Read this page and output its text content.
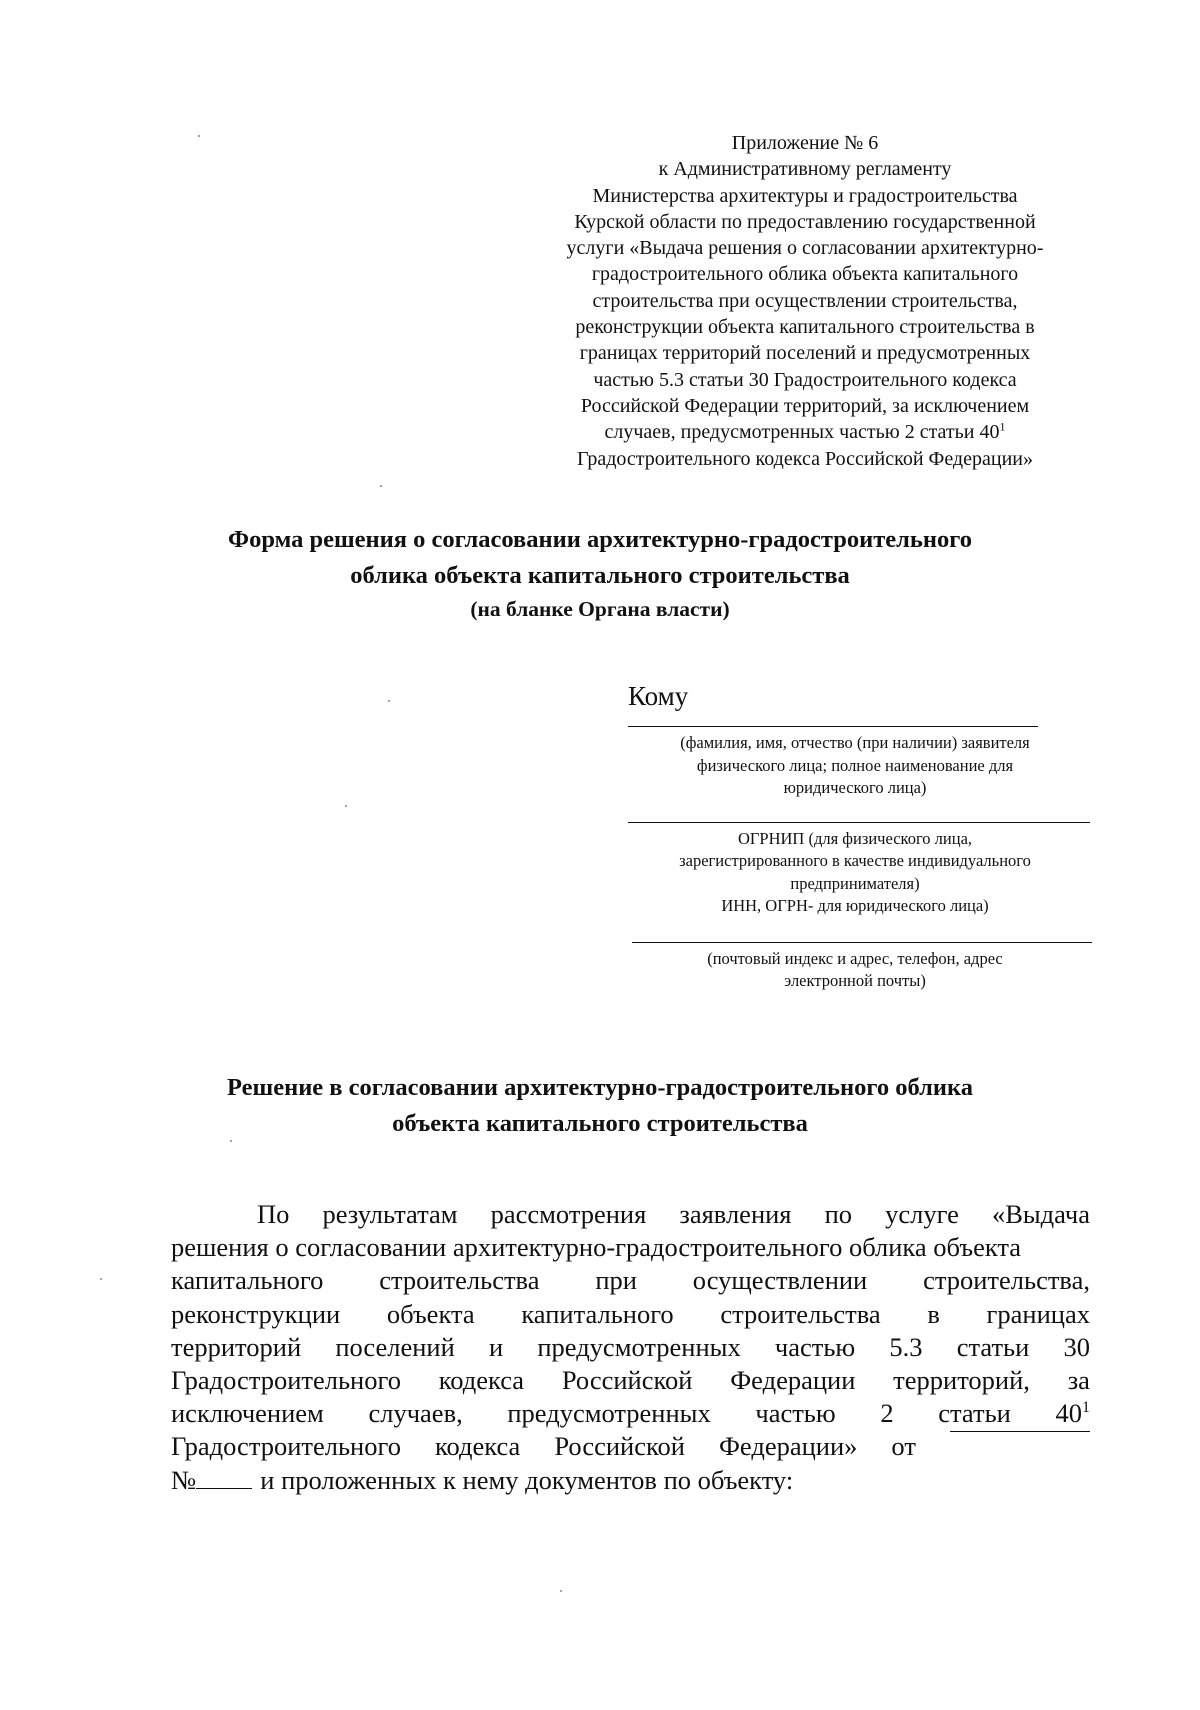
Приложение № 6
к Административному регламенту
Министерства архитектуры и градостроительства
Курской области по предоставлению государственной
услуги «Выдача решения о согласовании архитектурно-
градостроительного облика объекта капитального
строительства при осуществлении строительства,
реконструкции объекта капитального строительства в
границах территорий поселений и предусмотренных
частью 5.3 статьи 30 Градостроительного кодекса
Российской Федерации территорий, за исключением
случаев, предусмотренных частью 2 статьи $40^1$
Градостроительного кодекса Российской Федерации»
Форма решения о согласовании архитектурно-градостроительного
облика объекта капитального строительства
(на бланке Органа власти)
Кому
(фамилия, имя, отчество (при наличии) заявителя
физического лица; полное наименование для
юридического лица)
ОГРНИП (для физического лица,
зарегистрированного в качестве индивидуального
предпринимателя)
ИНН, ОГРН- для юридического лица)
(почтовый индекс и адрес, телефон, адрес
электронной почты)
Решение в согласовании архитектурно-градостроительного облика
объекта капитального строительства
По результатам рассмотрения заявления по услуге «Выдача
решения о согласовании архитектурно-градостроительного облика объекта
капитального строительства при осуществлении строительства,
реконструкции объекта капитального строительства в границах
территорий поселений и предусмотренных частью 5.3 статьи 30
Градостроительного кодекса Российской Федерации территорий, за
исключением случаев, предусмотренных частью 2 статьи $40^1$
Градостроительного кодекса Российской Федерации» от
№ и проложенных к нему документов по объекту:
